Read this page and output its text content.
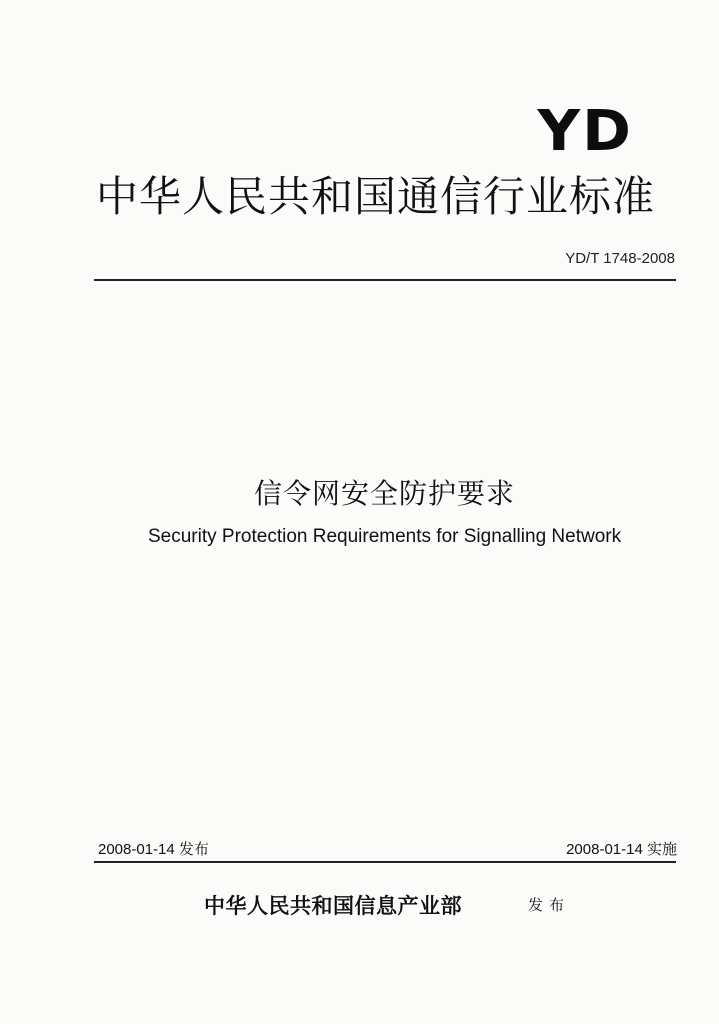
YD
中华人民共和国通信行业标准
YD/T 1748-2008
信令网安全防护要求
Security Protection Requirements for Signalling Network
2008-01-14 发布	2008-01-14 实施
中华人民共和国信息产业部	发布
